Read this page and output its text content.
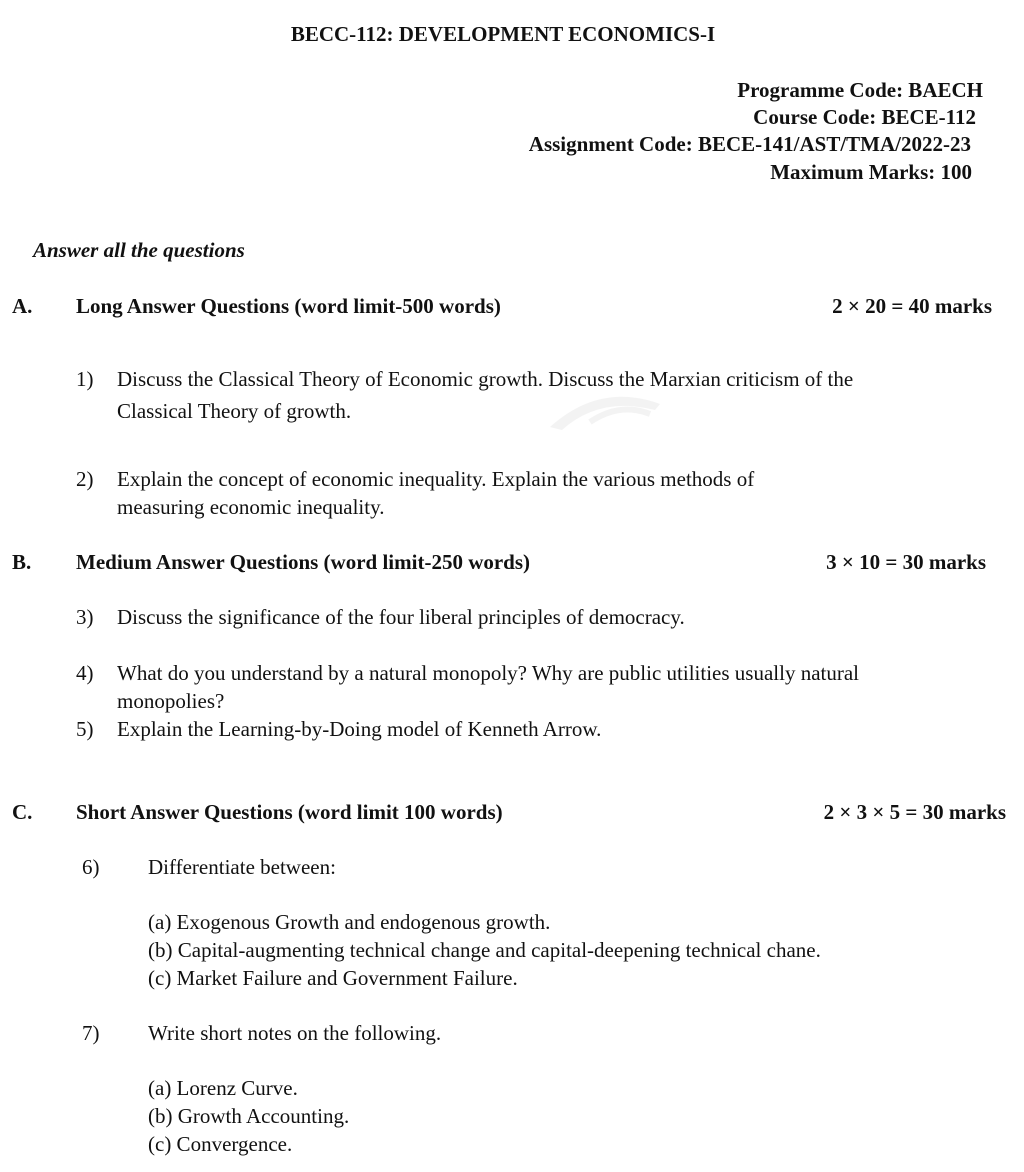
BECC-112: DEVELOPMENT ECONOMICS-I
Programme Code: BAECH
Course Code: BECE-112
Assignment Code: BECE-141/AST/TMA/2022-23
Maximum Marks: 100
Answer all the questions
A. Long Answer Questions (word limit-500 words)	2 × 20 = 40 marks
1) Discuss the Classical Theory of Economic growth. Discuss the Marxian criticism of the
Classical Theory of growth.
2) Explain the concept of economic inequality. Explain the various methods of
measuring economic inequality.
B. Medium Answer Questions (word limit-250 words)	3 × 10 = 30 marks
3) Discuss the significance of the four liberal principles of democracy.
4) What do you understand by a natural monopoly? Why are public utilities usually natural
monopolies?
5) Explain the Learning-by-Doing model of Kenneth Arrow.
C. Short Answer Questions (word limit 100 words)	2 × 3 × 5 = 30 marks
6) Differentiate between:
(a) Exogenous Growth and endogenous growth.
(b) Capital-augmenting technical change and capital-deepening technical chane.
(c) Market Failure and Government Failure.
7) Write short notes on the following.
(a) Lorenz Curve.
(b) Growth Accounting.
(c) Convergence.
